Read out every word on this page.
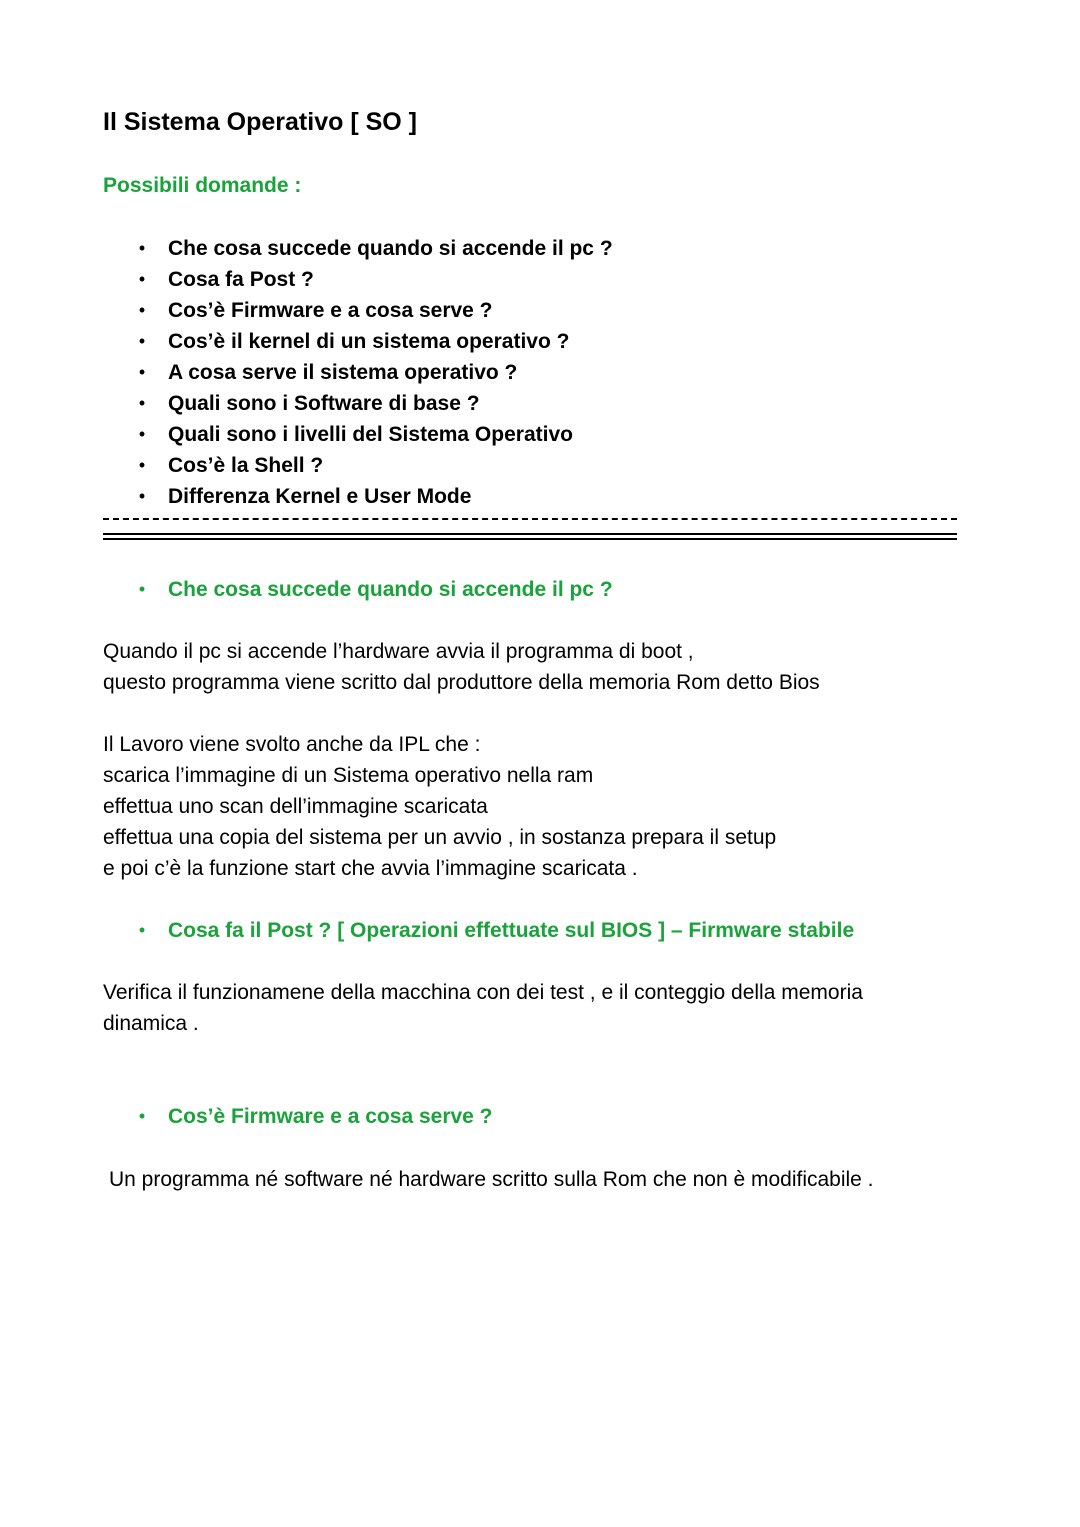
Il Sistema Operativo [ SO ]
Possibili domande :
• Che cosa succede quando si accende il pc ?
• Cosa fa Post ?
• Cos’è Firmware e a cosa serve ?
• Cos’è il kernel di un sistema operativo ?
• A cosa serve il sistema operativo ?
• Quali sono i Software di base ?
• Quali sono i livelli del Sistema Operativo
• Cos’è la Shell ?
• Differenza Kernel e User Mode
• Che cosa succede quando si accende il pc ?
Quando il pc si accende l’hardware avvia il programma di boot ,
questo programma viene scritto dal produttore della memoria Rom detto Bios
Il Lavoro viene svolto anche da IPL che :
scarica l’immagine di un Sistema operativo nella ram
effettua uno scan dell’immagine scaricata
effettua una copia del sistema per un avvio , in sostanza prepara il setup
e poi c’è la funzione start che avvia l’immagine scaricata .
• Cosa fa il Post ? [ Operazioni effettuate sul BIOS ] – Firmware stabile
Verifica il funzionamene della macchina con dei test , e il conteggio della memoria
dinamica .
• Cos’è Firmware e a cosa serve ?
Un programma né software né hardware scritto sulla Rom che non è modificabile .
